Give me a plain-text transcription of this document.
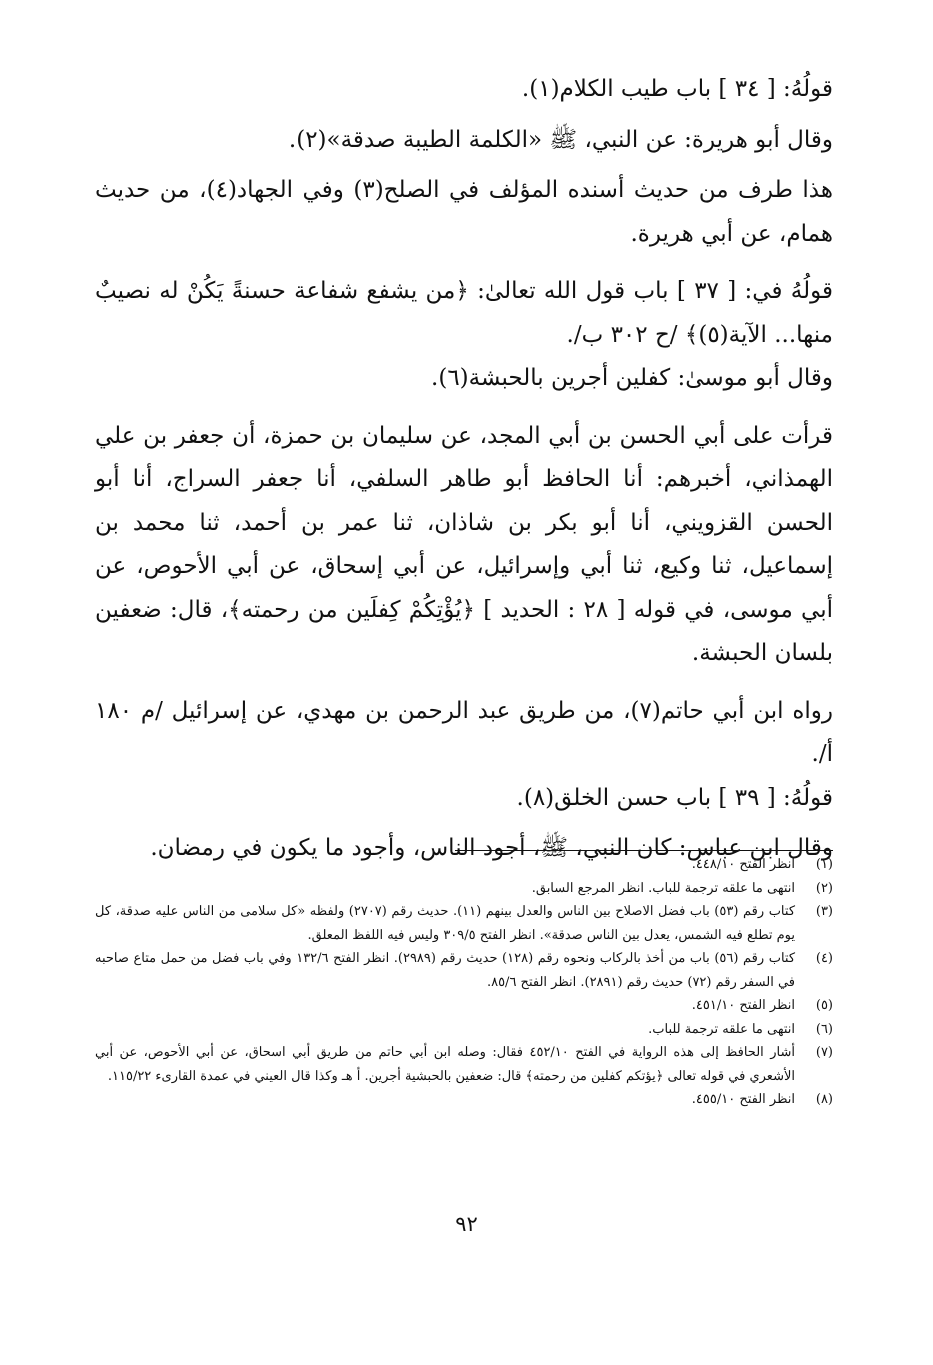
قولُهُ: [ ٣٤ ] باب طيب الكلام(١).

وقال أبو هريرة: عن النبي، ﷺ «الكلمة الطيبة صدقة»(٢).

هذا طرف من حديث أسنده المؤلف في الصلح(٣) وفي الجهاد(٤)، من حديث همام، عن أبي هريرة.

قولُهُ في: [ ٣٧ ] باب قول الله تعالىٰ: ﴿من يشفع شفاعة حسنةً يَكُنْ له نصيبٌ منها... الآية(٥)﴾ /ح ٣٠٢ ب/.

وقال أبو موسىٰ: كفلين أجرين بالحبشة(٦).

قرأت على أبي الحسن بن أبي المجد، عن سليمان بن حمزة، أن جعفر بن علي الهمذاني، أخبرهم: أنا الحافظ أبو طاهر السلفي، أنا جعفر السراج، أنا أبو الحسن القزويني، أنا أبو بكر بن شاذان، ثنا عمر بن أحمد، ثنا محمد بن إسماعيل، ثنا وكيع، ثنا أبي وإسرائيل، عن أبي إسحاق، عن أبي الأحوص، عن أبي موسى، في قوله [ ٢٨ : الحديد ] ﴿يُؤْتِكُمْ كِفلَين من رحمته﴾، قال: ضعفين بلسان الحبشة.

رواه ابن أبي حاتم(٧)، من طريق عبد الرحمن بن مهدي، عن إسرائيل /م ١٨٠ أ/.

قولُهُ: [ ٣٩ ] باب حسن الخلق(٨).

وقال ابن عباس: كان النبي، ﷺ، أجود الناس، وأجود ما يكون في رمضان.

(١)
انظر الفتح ٤٤٨/١٠.
(٢)
انتهى ما علقه ترجمة للباب. انظر المرجع السابق.
(٣)
كتاب رقم (٥٣) باب فضل الاصلاح بين الناس والعدل بينهم (١١). حديث رقم (٢٧٠٧) ولفظه «كل سلامى من الناس عليه صدقة، كل يوم تطلع فيه الشمس، يعدل بين الناس صدقة». انظر الفتح ٣٠٩/٥ وليس فيه اللفظ المعلق.
(٤)
كتاب رقم (٥٦) باب من أخذ بالركاب ونحوه رقم (١٢٨) حديث رقم (٢٩٨٩). انظر الفتح ١٣٢/٦ وفي باب فضل من حمل متاع صاحبه في السفر رقم (٧٢) حديث رقم (٢٨٩١). انظر الفتح ٨٥/٦.
(٥)
انظر الفتح ٤٥١/١٠.
(٦)
انتهى ما علقه ترجمة للباب.
(٧)
أشار الحافظ إلى هذه الرواية في الفتح ٤٥٢/١٠ فقال: وصله ابن أبي حاتم من طريق أبي اسحاق، عن أبي الأحوص، عن أبي الأشعري في قوله تعالى ﴿يؤتكم كفلين من رحمته﴾ قال: ضعفين بالحبشية أجرين. أ هـ وكذا قال العيني في عمدة القارىء ١١٥/٢٢.
(٨)
انظر الفتح ٤٥٥/١٠.
٩٢
